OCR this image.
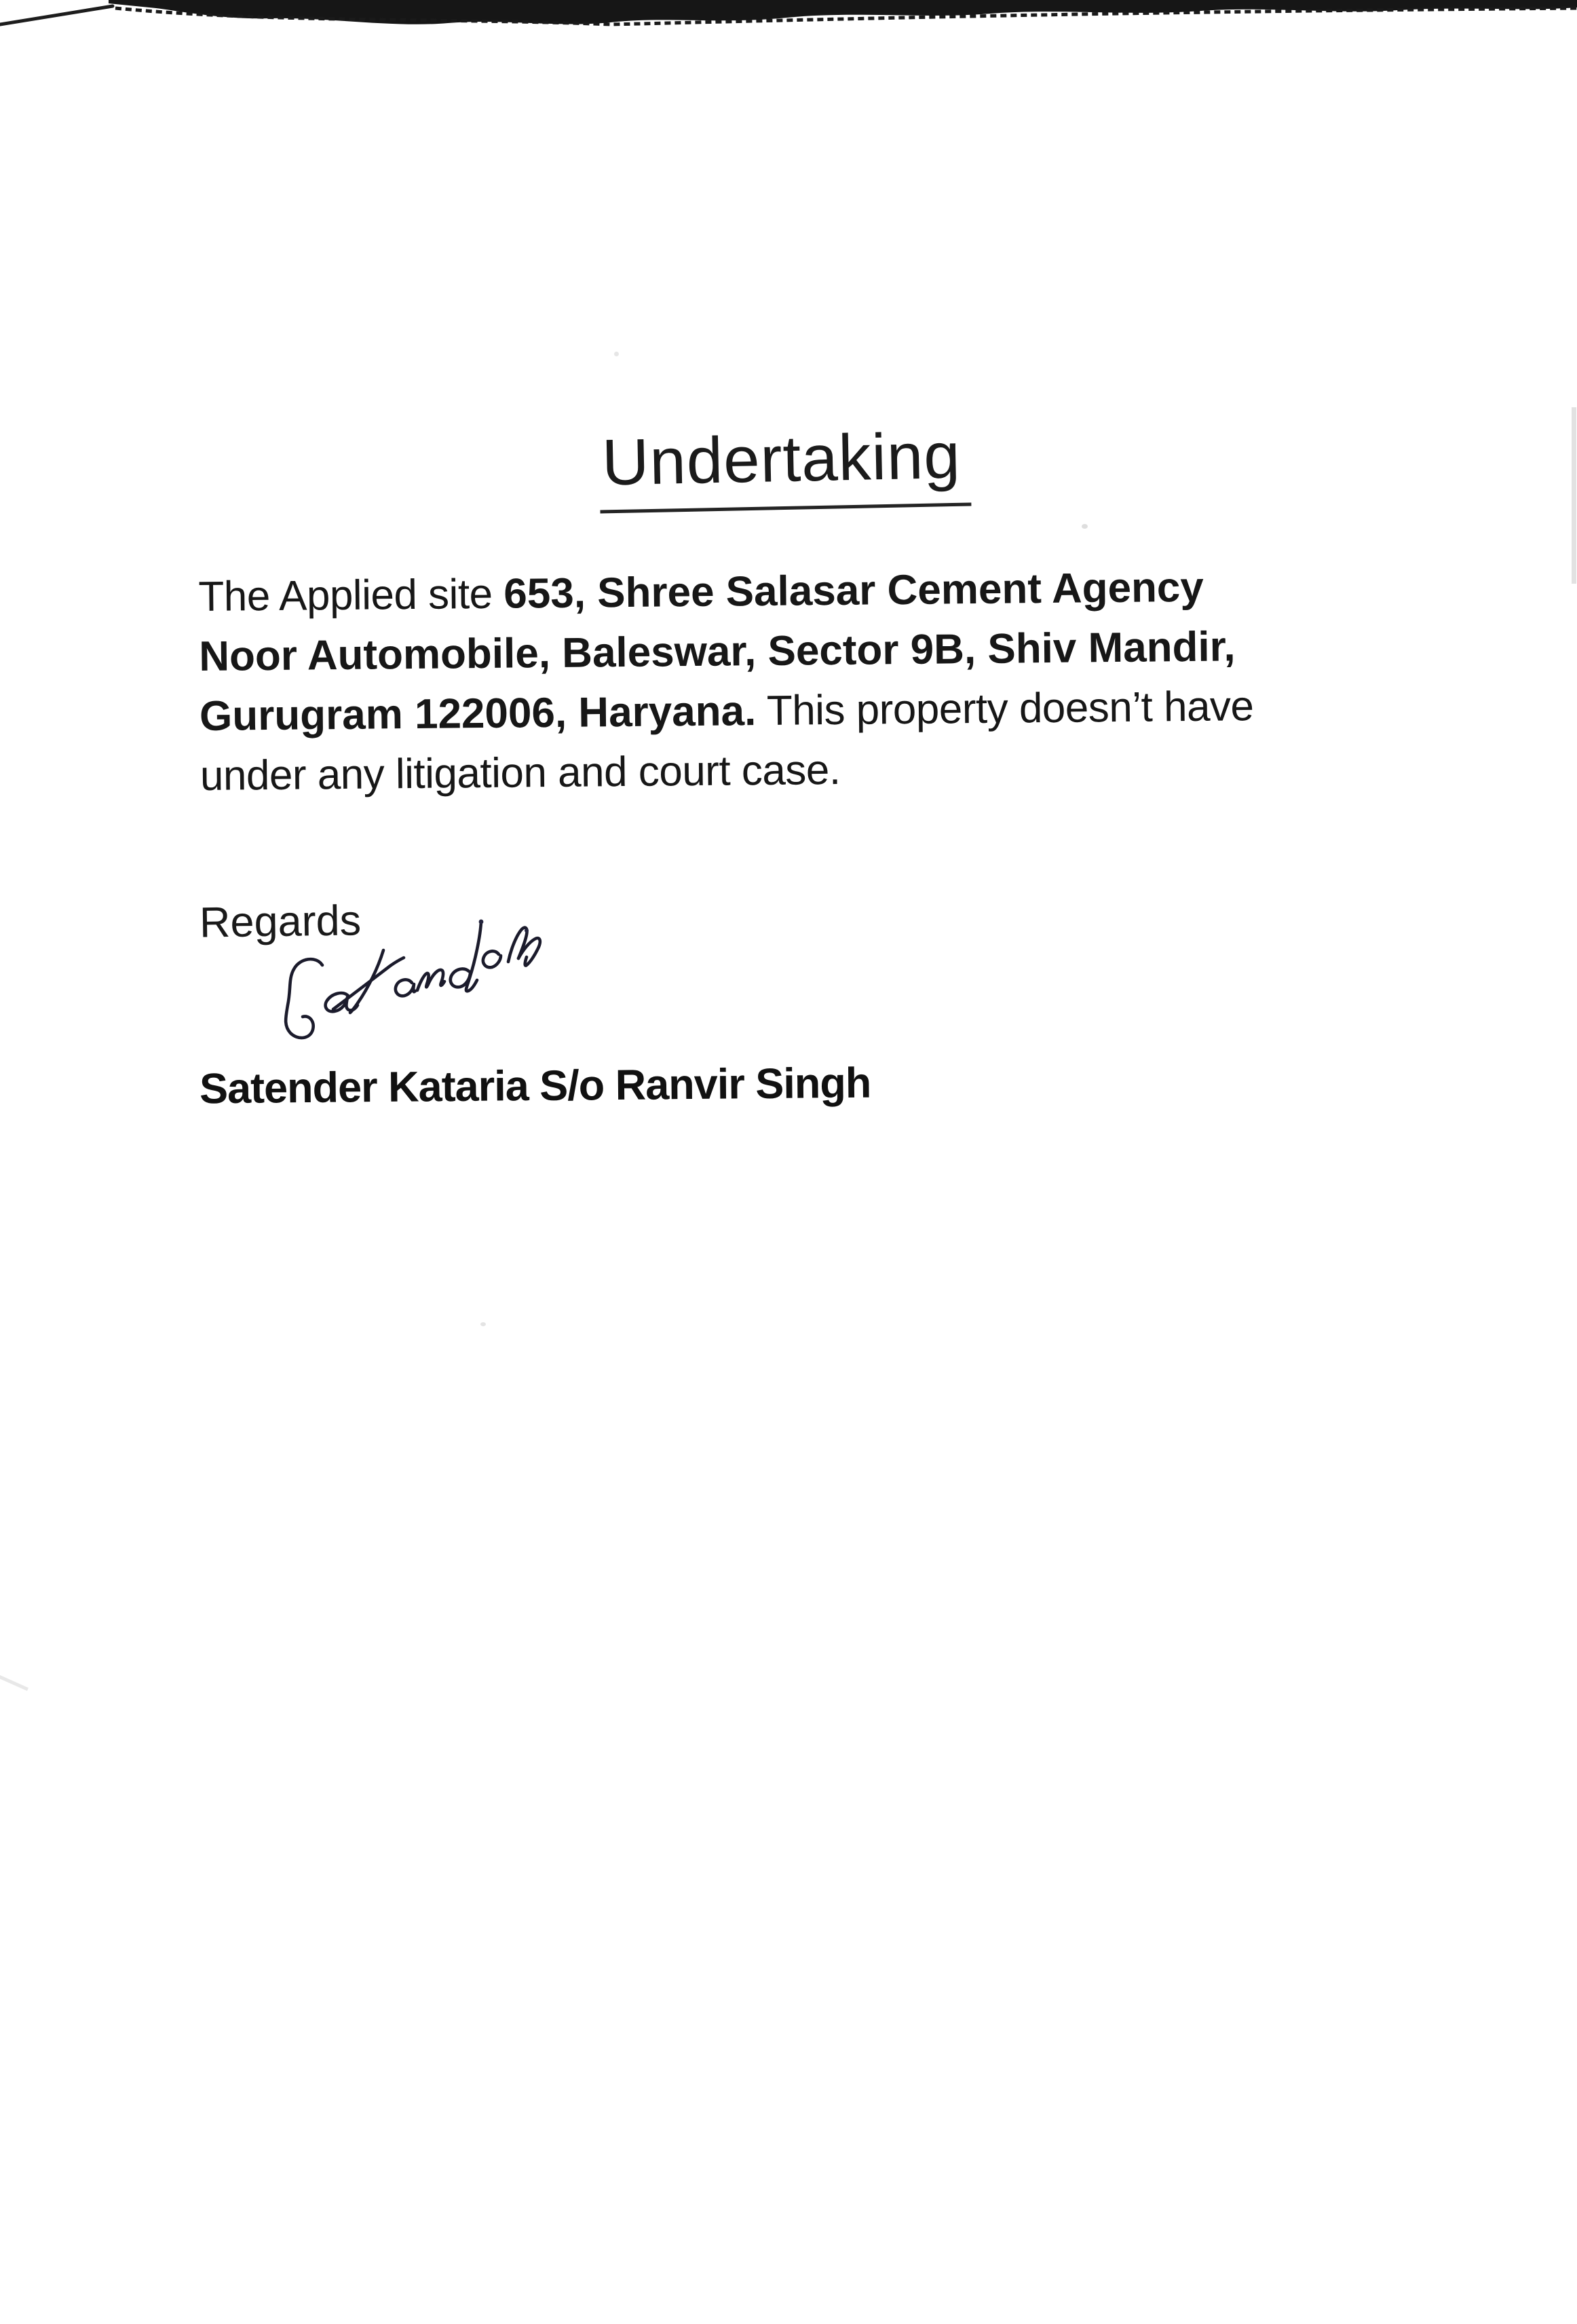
Undertaking
The Applied site 653, Shree Salasar Cement Agency
Noor Automobile, Baleswar, Sector 9B, Shiv Mandir,
Gurugram 122006, Haryana. This property doesn’t have
under any litigation and court case.
Regards
Satender Kataria S/o Ranvir Singh
